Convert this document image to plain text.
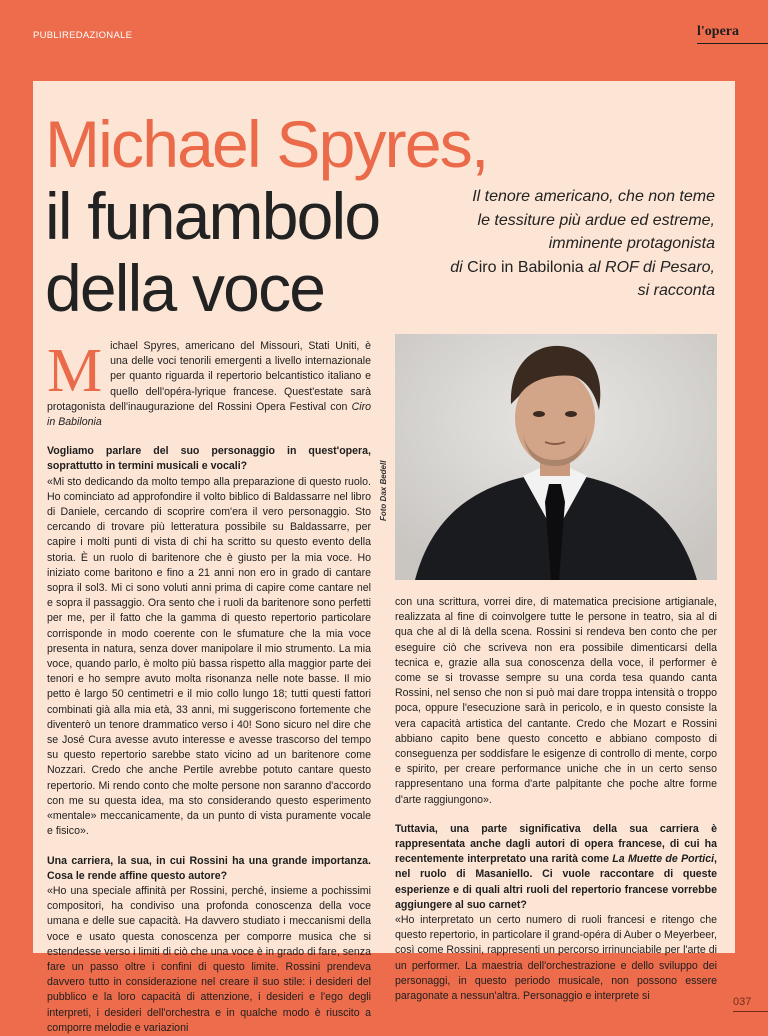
PUBLIREDAZIONALE	l'opera
Michael Spyres,
il funambolo
della voce
Il tenore americano, che non teme
le tessiture più ardue ed estreme,
imminente protagonista
di Ciro in Babilonia al ROF di Pesaro,
si racconta
M ichael Spyres, americano del Missouri, Stati Uniti, è una delle voci tenorili emergenti a livello internazionale per quanto riguarda il repertorio belcantistico italiano e quello dell'opéra-lyrique francese. Quest'estate sarà protagonista dell'inaugurazione del Rossini Opera Festival con Ciro in Babilonia

Vogliamo parlare del suo personaggio in quest'opera, soprattutto in termini musicali e vocali?

«Mi sto dedicando da molto tempo alla preparazione di questo ruolo. Ho cominciato ad approfondire il volto biblico di Baldassarre nel libro di Daniele, cercando di scoprire com'era il vero personaggio. Sto cercando di trovare più letteratura possibile su Baldassarre, per capire i molti punti di vista di chi ha scritto su questo evento della storia. È un ruolo di baritenore che è giusto per la mia voce. Ho iniziato come baritono e fino a 21 anni non ero in grado di cantare sopra il sol3. Mi ci sono voluti anni prima di capire come cantare nel e sopra il passaggio. Ora sento che i ruoli da baritenore sono perfetti per me, per il fatto che la gamma di questo repertorio particolare corrisponde in modo coerente con le sfumature che la mia voce presenta in natura, senza dover manipolare il mio strumento. La mia voce, quando parlo, è molto più bassa rispetto alla maggior parte dei tenori e ho sempre avuto molta risonanza nelle note basse. Il mio petto è largo 50 centimetri e il mio collo lungo 18; tutti questi fattori combinati già alla mia età, 33 anni, mi suggeriscono fortemente che diventerò un tenore drammatico verso i 40! Sono sicuro nel dire che se José Cura avesse avuto interesse e avesse trascorso del tempo su questo repertorio sarebbe stato vicino ad un baritenore come Nozzari. Credo che anche Pertile avrebbe potuto cantare questo repertorio. Mi rendo conto che molte persone non saranno d'accordo con me su questa idea, ma sto considerando questo esperimento «mentale» meccanicamente, da un punto di vista puramente vocale e fisico».

Una carriera, la sua, in cui Rossini ha una grande importanza. Cosa le rende affine questo autore?

«Ho una speciale affinità per Rossini, perché, insieme a pochissimi compositori, ha condiviso una profonda conoscenza della voce umana e delle sue capacità. Ha davvero studiato i meccanismi della voce e usato questa conoscenza per comporre musica che si estendesse verso i limiti di ciò che una voce è in grado di fare, senza fare un passo oltre i confini di questo limite. Rossini prendeva davvero tutto in considerazione nel creare il suo stile: i desideri del pubblico e la loro capacità di attenzione, i desideri e l'ego degli interpreti, i desideri dell'orchestra e in qualche modo è riuscito a comporre melodie e variazioni

Foto Dax Bedell

con una scrittura, vorrei dire, di matematica precisione artigianale, realizzata al fine di coinvolgere tutte le persone in teatro, sia al di qua che al di là della scena. Rossini si rendeva ben conto che per eseguire ciò che scriveva non era possibile dimenticarsi della tecnica e, grazie alla sua conoscenza della voce, il performer è come se si trovasse sempre su una corda tesa quando canta Rossini, nel senso che non si può mai dare troppa intensità o troppo poca, oppure l'esecuzione sarà in pericolo, e in questo consiste la vera capacità artistica del cantante. Credo che Mozart e Rossini abbiano capito bene questo concetto e abbiano composto di conseguenza per soddisfare le esigenze di controllo di mente, corpo e spirito, per creare performance uniche che in un certo senso rappresentano una forma d'arte palpitante che poche altre forme d'arte raggiungono».

Tuttavia, una parte significativa della sua carriera è rappresentata anche dagli autori di opera francese, di cui ha recentemente interpretato una rarità come La Muette de Portici, nel ruolo di Masaniello. Ci vuole raccontare di queste esperienze e di quali altri ruoli del repertorio francese vorrebbe aggiungere al suo carnet?

«Ho interpretato un certo numero di ruoli francesi e ritengo che questo repertorio, in particolare il grand-opéra di Auber o Meyerbeer, così come Rossini, rappresenti un percorso irrinunciabile per l'arte di un performer. La maestria dell'orchestrazione e dello sviluppo dei personaggi, in questo periodo musicale, non possono essere paragonate a nessun'altra. Personaggio e interprete si	037
